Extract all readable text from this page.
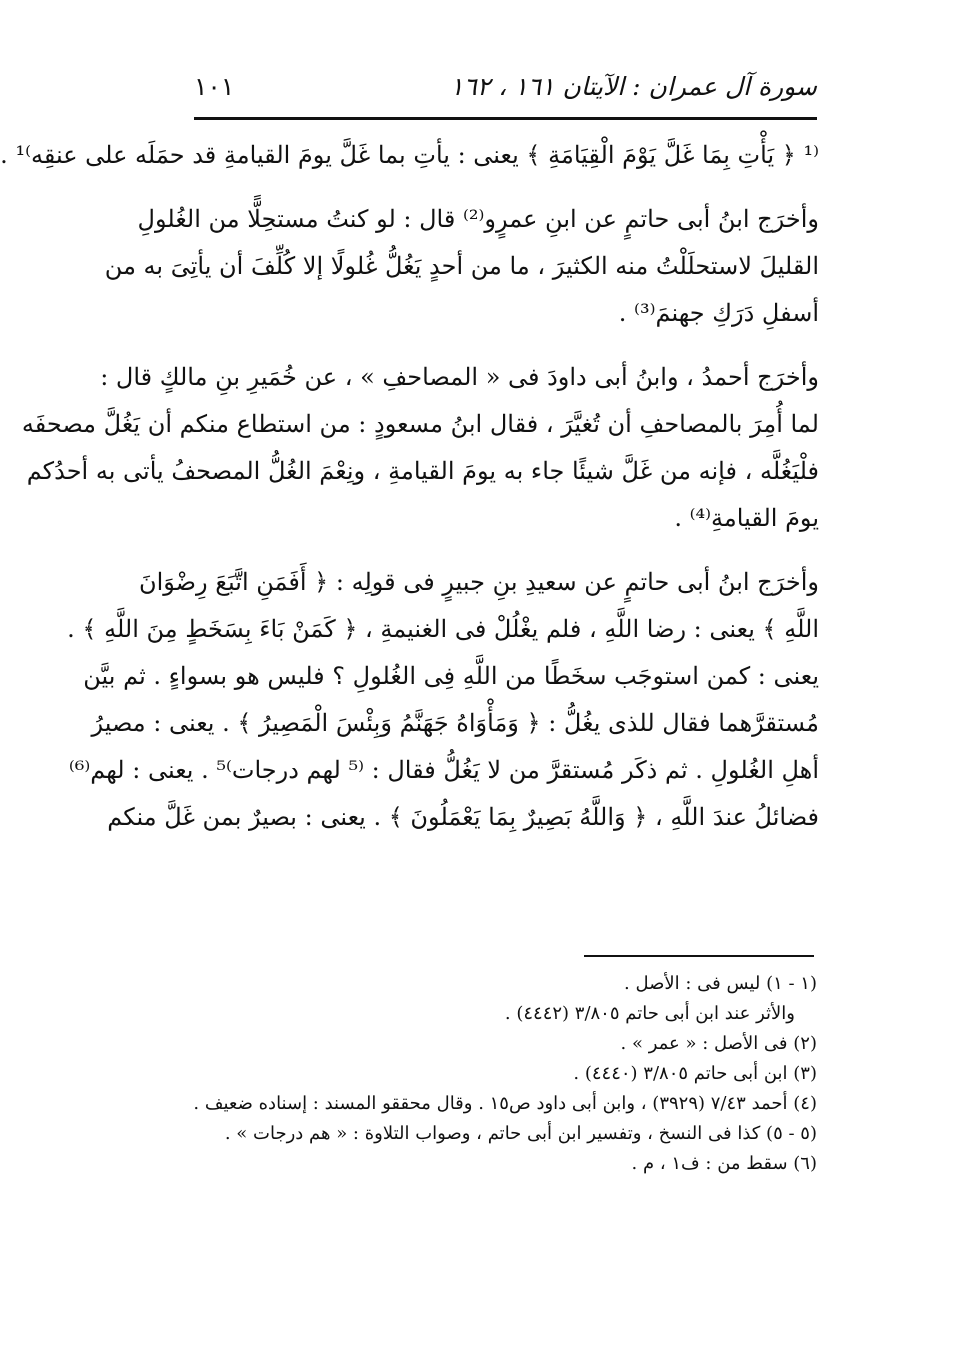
سورة آل عمران : الآيتان ١٦١ ، ١٦٢
١٠١
⁽¹ ﴿ يَأْتِ بِمَا غَلَّ يَوْمَ الْقِيَامَةِ ﴾ يعنى : يأتِ بما غَلَّ يومَ القيامةِ قد حمَلَه على عنقِه⁾¹ .
وأخرَج ابنُ أبى حاتمٍ عن ابنِ عمرٍو⁽²⁾ قال : لو كنتُ مستحِلًّا من الغُلولِ
القليلَ لاستحلَلْتُ منه الكثيرَ ، ما من أحدٍ يَغُلُّ غُلولًا إلا كُلِّفَ أن يأتِىَ به من
أسفلِ دَرَكِ جهنمَ⁽³⁾ .
وأخرَج أحمدُ ، وابنُ أبى داودَ فى « المصاحفِ » ، عن خُمَيرِ بنِ مالكٍ قال :
لما أُمِرَ بالمصاحفِ أن تُغيَّرَ ، فقال ابنُ مسعودٍ : من استطاع منكم أن يَغُلَّ مصحفَه
فلْيَغُلَّه ، فإنه من غَلَّ شيئًا جاء به يومَ القيامةِ ، ونِعْمَ الغُلُّ المصحفُ يأتى به أحدُكم
يومَ القيامةِ⁽⁴⁾ .
وأخرَج ابنُ أبى حاتمٍ عن سعيدِ بنِ جبيرٍ فى قولِه : ﴿ أَفَمَنِ اتَّبَعَ رِضْوَانَ
اللَّهِ ﴾ يعنى : رضا اللَّهِ ، فلم يغْلُلْ فى الغنيمةِ ، ﴿ كَمَنْ بَاءَ بِسَخَطٍ مِنَ اللَّهِ ﴾ .
يعنى : كمن استوجَب سخَطًا من اللَّهِ فِى الغُلولِ ؟ فليس هو بسواءٍ . ثم بيَّن
مُستقرَّهما فقال للذى يغُلُّ : ﴿ وَمَأْوَاهُ جَهَنَّمُ وَبِئْسَ الْمَصِيرُ ﴾ . يعنى : مصيرُ
أهلِ الغُلولِ . ثم ذكَر مُستقرَّ من لا يَغُلُّ فقال : ⁽⁵ لهم درجات⁾⁵ . يعنى : لهم⁽⁶⁾
فضائلُ عندَ اللَّهِ ، ﴿ وَاللَّهُ بَصِيرٌ بِمَا يَعْمَلُونَ ﴾ . يعنى : بصيرٌ بمن غَلَّ منكم
(١ - ١) ليس فى : الأصل .
والأثر عند ابن أبى حاتم ٣/٨٠٥ (٤٤٤٢) .
(٢) فى الأصل : « عمر » .
(٣) ابن أبى حاتم ٣/٨٠٥ (٤٤٤٠) .
(٤) أحمد ٧/٤٣ (٣٩٢٩) ، وابن أبى داود ص١٥ . وقال محققو المسند : إسناده ضعيف .
(٥ - ٥) كذا فى النسخ ، وتفسير ابن أبى حاتم ، وصواب التلاوة : « هم درجات » .
(٦) سقط من : ف١ ، م .
